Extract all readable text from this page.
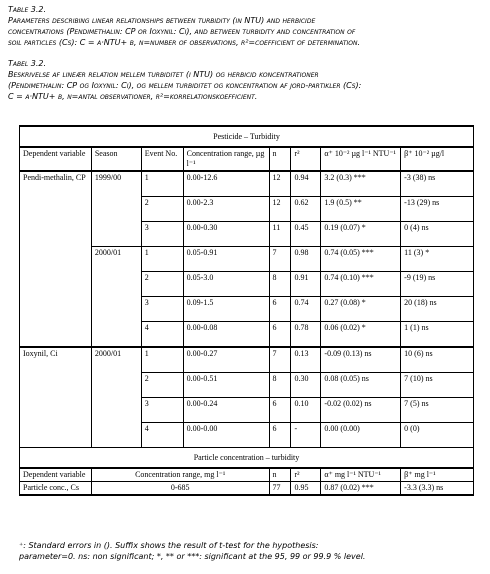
Table 3.2.

Parameters describing linear relationships between turbidity (in NTU) and herbicide

concentrations (Pendimethalin: CP or Ioxynil: Ci), and between turbidity and concentration of

soil particles (Cs): C = α·NTU+ β, n=number of observations, r²=coefficient of determination.

Tabel 3.2.

Beskrivelse af lineær relation mellem turbiditet (i NTU) og herbicid koncentrationer

(Pendimethalin: CP og Ioxynil: Ci), og mellem turbiditet og koncentration af jord-partikler (Cs):

C = α·NTU+ β, n=antal observationer, r²=korrelationskoefficient.

Pesticide – Turbidity							
Dependent variable	Season	Event No.	Concentration range, µg l⁻¹	n	r²	α⁺ 10⁻² µg l⁻¹ NTU⁻¹	β⁺ 10⁻² µg/l
Pendi-methalin, CP	1999/00	1	0.00-12.6	12	0.94	3.2 (0.3) ***	-3 (38) ns
		2	0.00-2.3	12	0.62	1.9 (0.5) **	-13 (29) ns
		3	0.00-0.30	11	0.45	0.19 (0.07) *	0 (4) ns
	2000/01	1	0.05-0.91	7	0.98	0.74 (0.05) ***	11 (3) *
		2	0.05-3.0	8	0.91	0.74 (0.10) ***	-9 (19) ns
		3	0.09-1.5	6	0.74	0.27 (0.08) *	20 (18) ns
		4	0.00-0.08	6	0.78	0.06 (0.02) *	1 (1) ns
Ioxynil, Ci	2000/01	1	0.00-0.27	7	0.13	-0.09 (0.13) ns	10 (6) ns
		2	0.00-0.51	8	0.30	0.08 (0.05) ns	7 (10) ns
		3	0.00-0.24	6	0.10	-0.02 (0.02) ns	7 (5) ns
		4	0.00-0.00	6	-	0.00 (0.00)	0 (0)
Particle concentration – turbidity							
Dependent variable	Concentration range, mg l⁻¹			n	r²	α⁺ mg l⁻¹ NTU⁻¹	β⁺ mg l⁻¹
Particle conc., Cs	0-685			77	0.95	0.87 (0.02) ***	-3.3 (3.3) ns

⁺: Standard errors in (). Suffix shows the result of t-test for the hypothesis:

parameter=0. ns: non significant; *, ** or ***: significant at the 95, 99 or 99.9 % level.
